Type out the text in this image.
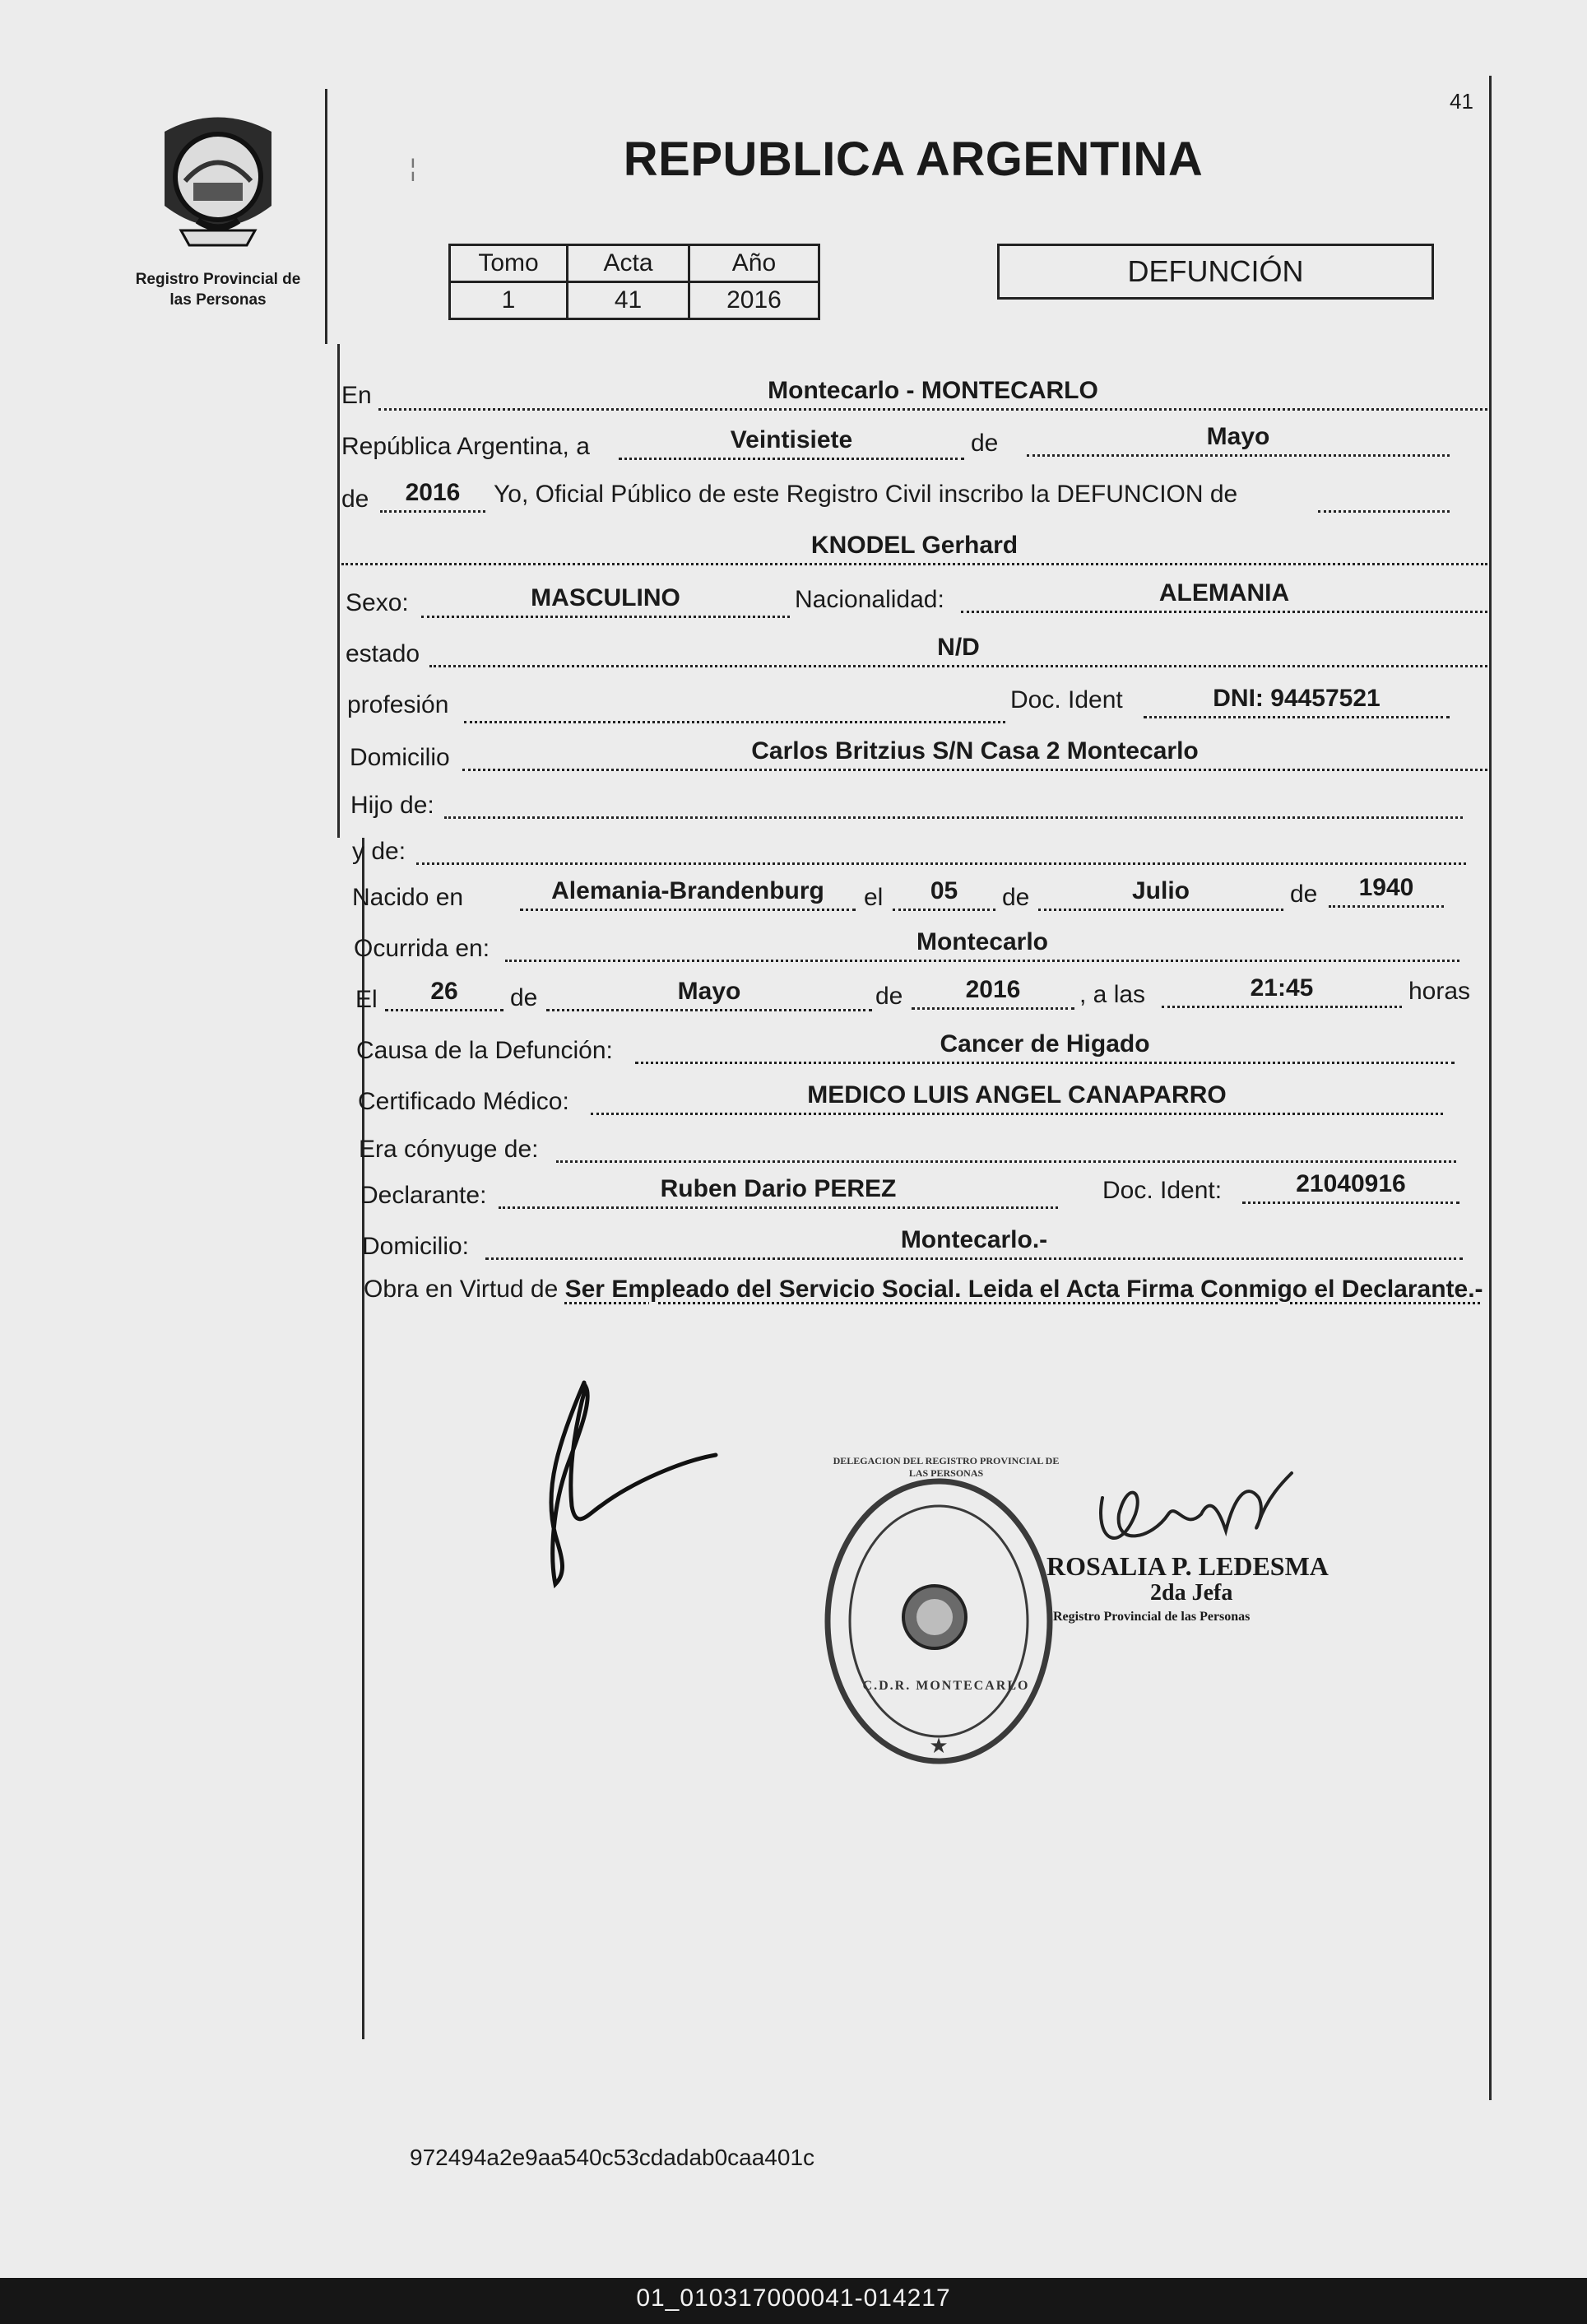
Registro Provincial de
las Personas
41
¦	REPUBLICA ARGENTINA
Tomo	Acta	Año
1	41	2016
DEFUNCIÓN
En	Montecarlo - MONTECARLO
República Argentina, a	Veintisiete	de	Mayo
de	2016	Yo, Oficial Público de este Registro Civil inscribo la DEFUNCION de
KNODEL Gerhard
Sexo:	MASCULINO	Nacionalidad:	ALEMANIA
estado	N/D
profesión	Doc. Ident	DNI: 94457521
Domicilio	Carlos Britzius S/N Casa 2 Montecarlo
Hijo de:
y de:
Nacido en	Alemania-Brandenburg	el	05	de	Julio	de	1940
Ocurrida en:	Montecarlo
El	26	de	Mayo	de	2016	, a las	21:45	horas
Causa de la Defunción:	Cancer de Higado
Certificado Médico:	MEDICO LUIS ANGEL CANAPARRO
Era cónyuge de:
Declarante:	Ruben Dario PEREZ	Doc. Ident:	21040916
Domicilio:	Montecarlo.-
Obra en Virtud de Ser Empleado del Servicio Social. Leida el Acta Firma Conmigo el Declarante.-
★
DELEGACION DEL REGISTRO PROVINCIAL DE LAS PERSONAS
C.D.R. MONTECARLO
ROSALIA P. LEDESMA
2da Jefa
Registro Provincial de las Personas
972494a2e9aa540c53cdadab0caa401c
01_010317000041-014217
